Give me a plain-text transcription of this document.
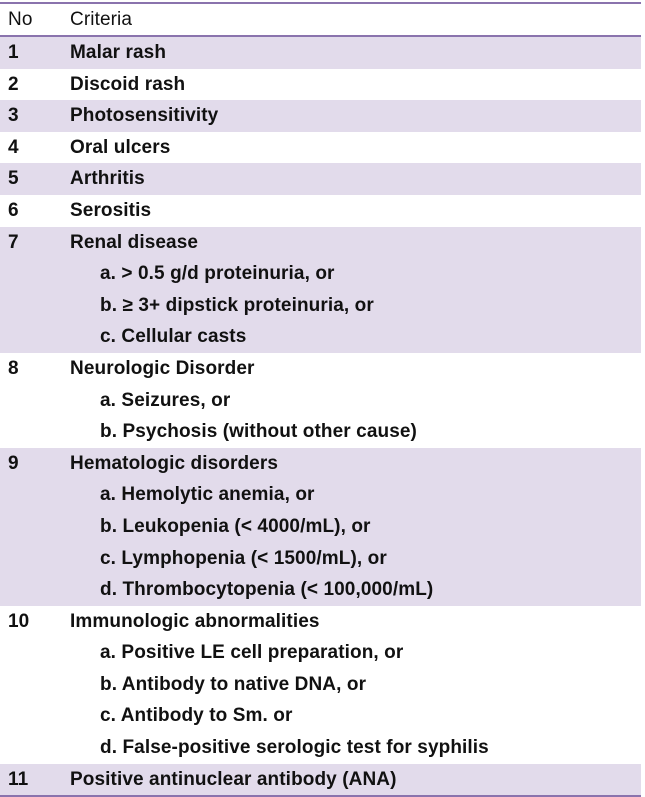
No	Criteria
1	Malar rash
2	Discoid rash
3	Photosensitivity
4	Oral ulcers
5	Arthritis
6	Serositis
7	Renal disease
a. > 0.5 g/d proteinuria, or
b. ≥ 3+ dipstick proteinuria, or
c. Cellular casts
8	Neurologic Disorder
a. Seizures, or
b. Psychosis (without other cause)
9	Hematologic disorders
a. Hemolytic anemia, or
b. Leukopenia (< 4000/mL), or
c. Lymphopenia (< 1500/mL), or
d. Thrombocytopenia (< 100,000/mL)
10	Immunologic abnormalities
a. Positive LE cell preparation, or
b. Antibody to native DNA, or
c. Antibody to Sm. or
d. False-positive serologic test for syphilis
11	Positive antinuclear antibody (ANA)
